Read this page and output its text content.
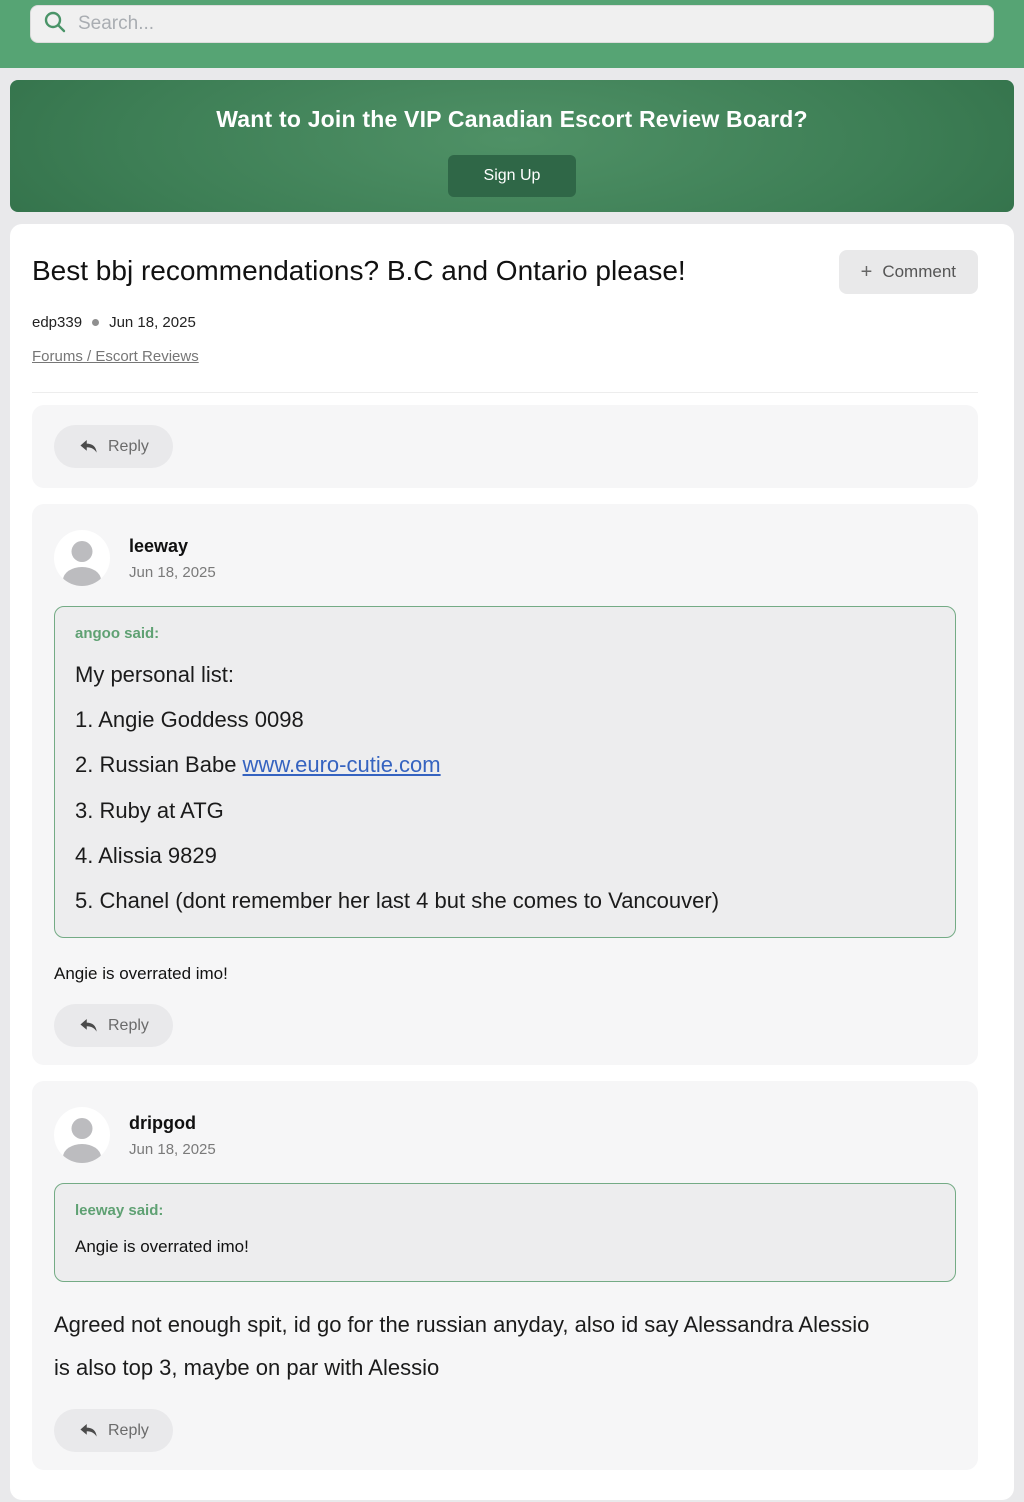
Search...
Want to Join the VIP Canadian Escort Review Board?
Sign Up
Best bbj recommendations? B.C and Ontario please!	+ Comment
edp339 Jun 18, 2025
Forums / Escort Reviews
Reply
leeway
Jun 18, 2025
angoo said:
My personal list:
1. Angie Goddess 0098
2. Russian Babe www.euro-cutie.com
3. Ruby at ATG
4. Alissia 9829
5. Chanel (dont remember her last 4 but she comes to Vancouver)
Angie is overrated imo!
Reply
dripgod
Jun 18, 2025
leeway said:
Angie is overrated imo!
Agreed not enough spit, id go for the russian anyday, also id say Alessandra Alessio is also top 3, maybe on par with Alessio
Reply
